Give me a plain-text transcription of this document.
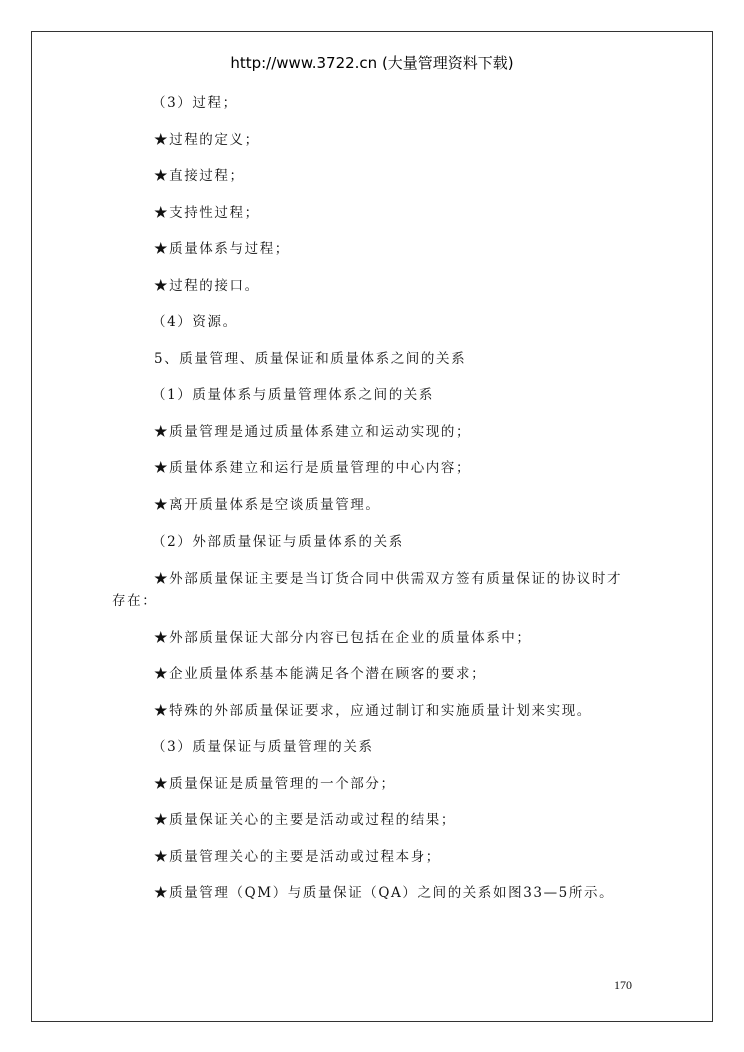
http://www.3722.cn (大量管理资料下载)
（3）过程；
★过程的定义；
★直接过程；
★支持性过程；
★质量体系与过程；
★过程的接口。
（4）资源。
5、质量管理、质量保证和质量体系之间的关系
（1）质量体系与质量管理体系之间的关系
★质量管理是通过质量体系建立和运动实现的；
★质量体系建立和运行是质量管理的中心内容；
★离开质量体系是空谈质量管理。
（2）外部质量保证与质量体系的关系
★外部质量保证主要是当订货合同中供需双方签有质量保证的协议时才
存在：
★外部质量保证大部分内容已包括在企业的质量体系中；
★企业质量体系基本能满足各个潜在顾客的要求；
★特殊的外部质量保证要求，应通过制订和实施质量计划来实现。
（3）质量保证与质量管理的关系
★质量保证是质量管理的一个部分；
★质量保证关心的主要是活动或过程的结果；
★质量管理关心的主要是活动或过程本身；
★质量管理（QM）与质量保证（QA）之间的关系如图33—5所示。
170
